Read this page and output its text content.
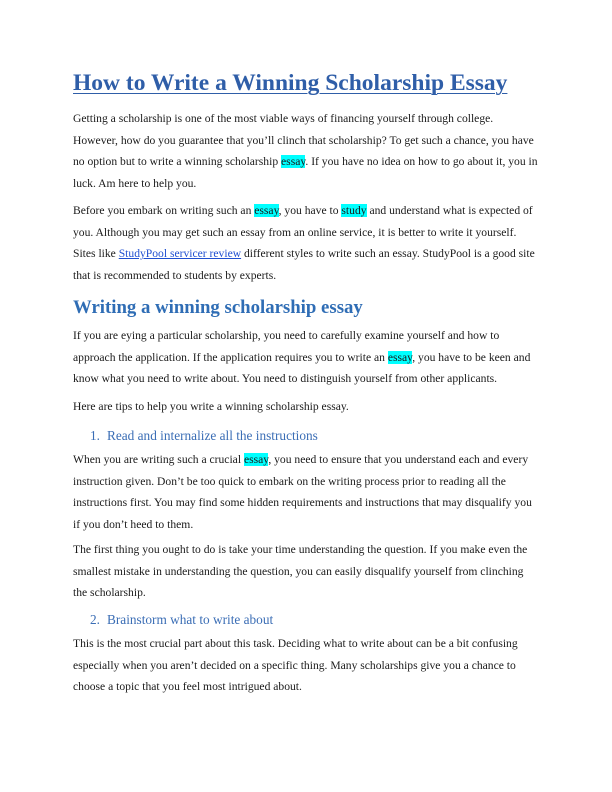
How to Write a Winning Scholarship Essay

Getting a scholarship is one of the most viable ways of financing yourself through college. However, how do you guarantee that you’ll clinch that scholarship? To get such a chance, you have no option but to write a winning scholarship essay. If you have no idea on how to go about it, you in luck. Am here to help you.

Before you embark on writing such an essay, you have to study and understand what is expected of you. Although you may get such an essay from an online service, it is better to write it yourself. Sites like StudyPool servicer review different styles to write such an essay. StudyPool is a good site that is recommended to students by experts.

Writing a winning scholarship essay

If you are eying a particular scholarship, you need to carefully examine yourself and how to approach the application. If the application requires you to write an essay, you have to be keen and know what you need to write about. You need to distinguish yourself from other applicants.

Here are tips to help you write a winning scholarship essay.

1. Read and internalize all the instructions

When you are writing such a crucial essay, you need to ensure that you understand each and every instruction given. Don’t be too quick to embark on the writing process prior to reading all the instructions first. You may find some hidden requirements and instructions that may disqualify you if you don’t heed to them.

The first thing you ought to do is take your time understanding the question. If you make even the smallest mistake in understanding the question, you can easily disqualify yourself from clinching the scholarship.

2. Brainstorm what to write about

This is the most crucial part about this task. Deciding what to write about can be a bit confusing especially when you aren’t decided on a specific thing. Many scholarships give you a chance to choose a topic that you feel most intrigued about.
